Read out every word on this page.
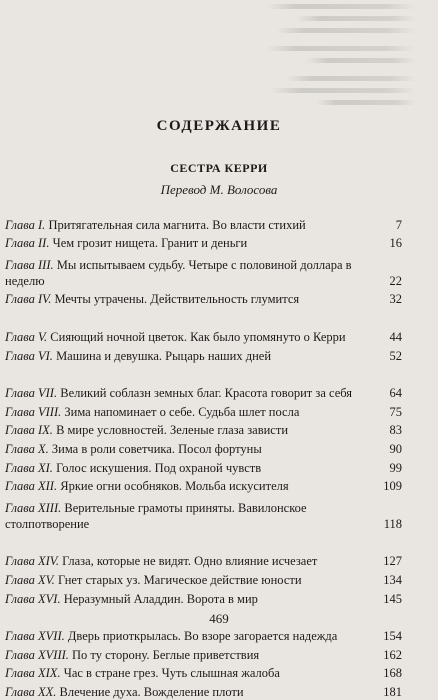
СОДЕРЖАНИЕ
СЕСТРА КЕРРИ
Перевод М. Волосова
Глава I. Притягательная сила магнита. Во власти стихий	7
Глава II. Чем грозит нищета. Гранит и деньги	16
Глава III. Мы испытываем судьбу. Четыре с половиной доллара в неделю	22
Глава IV. Мечты утрачены. Действительность глумится	32
Глава V. Сияющий ночной цветок. Как было упомянуто о Керри	44
Глава VI. Машина и девушка. Рыцарь наших дней	52
Глава VII. Великий соблазн земных благ. Красота говорит за себя	64
Глава VIII. Зима напоминает о себе. Судьба шлет посла	75
Глава IX. В мире условностей. Зеленые глаза зависти	83
Глава X. Зима в роли советчика. Посол фортуны	90
Глава XI. Голос искушения. Под охраной чувств	99
Глава XII. Яркие огни особняков. Мольба искусителя	109
Глава XIII. Верительные грамоты приняты. Вавилонское столпотворение	118
Глава XIV. Глаза, которые не видят. Одно влияние исчезает	127
Глава XV. Гнет старых уз. Магическое действие юности	134
Глава XVI. Неразумный Аладдин. Ворота в мир	145
Глава XVII. Дверь приоткрылась. Во взоре загорается надежда	154
Глава XVIII. По ту сторону. Беглые приветствия	162
Глава XIX. Час в стране грез. Чуть слышная жалоба	168
Глава XX. Влечение духа. Вожделение плоти	181
469
